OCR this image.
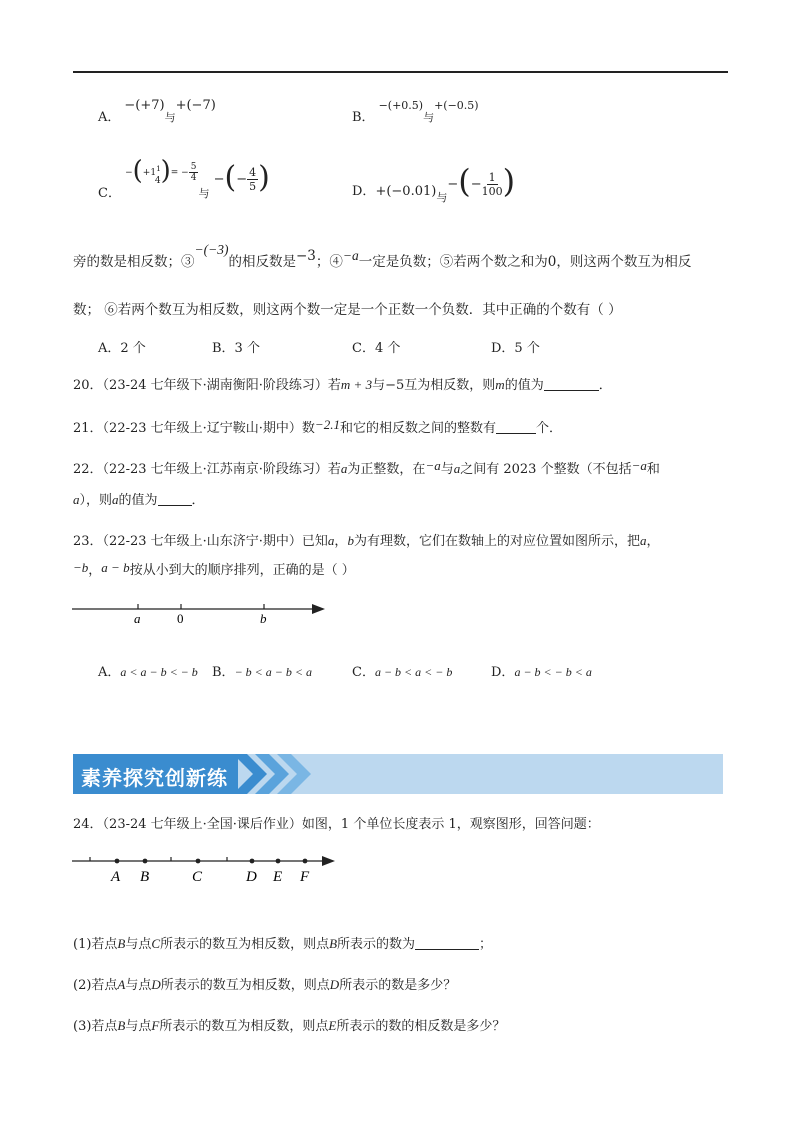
A．−(+7)与+(−7)
B．$^{-(+0.5)}$与$^{+(-0.5)}$
C． $-(+1^14)= - \frac{5}{4}$
$_与$ −(− $\frac{4}{5}$ )	D．$+(-0.01)_与-(- \frac{1}{100}$ )
旁的数是相反数；③−(−3)的相反数是−3；④−a一定是负数；⑤若两个数之和为0，则这两个数互为相反
数； ⑥若两个数互为相反数，则这两个数一定是一个正数一个负数．其中正确的个数有（ ）
A．2 个	B．3 个	C．4 个	D．5 个
20．（23-24 七年级下·湖南衡阳·阶段练习）若m + 3与−5互为相反数，则m的值为	．
21．（22-23 七年级上·辽宁鞍山·期中）数−2.1和它的相反数之间的整数有	个．
22．（22-23 七年级上·江苏南京·阶段练习）若a为正整数，在−a与a之间有 2023 个整数（不包括−a和
a），则a的值为	．
23．（22-23 七年级上·山东济宁·期中）已知a，b为有理数，它们在数轴上的对应位置如图所示，把a，
−b，a − b按从小到大的顺序排列，正确的是（ ）
a	0	b
A．a < a − b < − b B．− b < a − b < a	C．a − b < a < − b	D．a − b < − b < a
素养探究创新练
24．（23-24 七年级上·全国·课后作业）如图，1 个单位长度表示 1，观察图形，回答问题：
A B	C	D E F
(1)若点B与点C所表示的数互为相反数，则点B所表示的数为	；
(2)若点A与点D所表示的数互为相反数，则点D所表示的数是多少？
(3)若点B与点F所表示的数互为相反数，则点E所表示的数的相反数是多少？
